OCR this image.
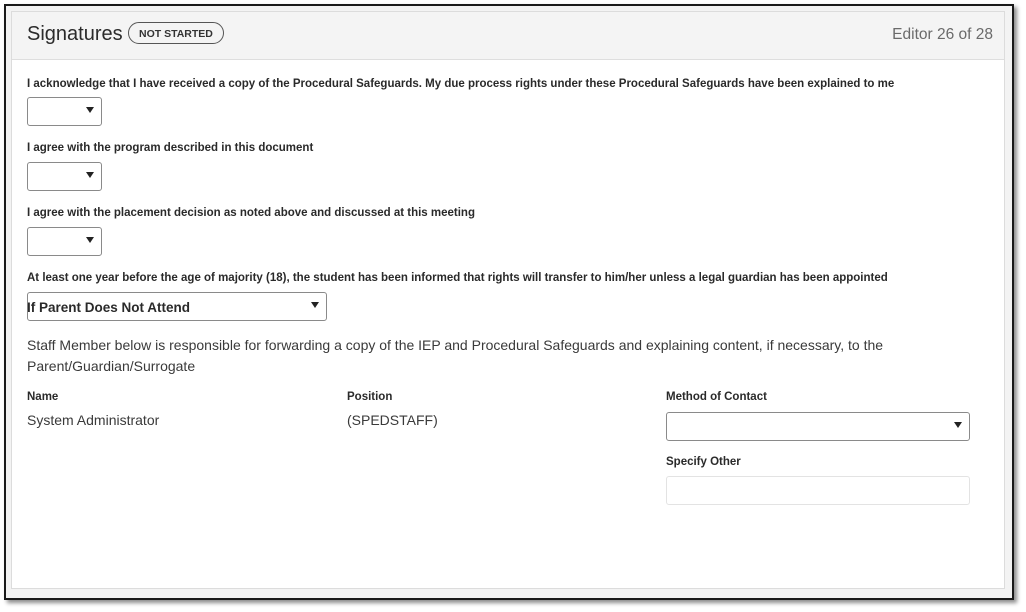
Signatures	NOT STARTED	Editor 26 of 28
I acknowledge that I have received a copy of the Procedural Safeguards. My due process rights under these Procedural Safeguards have been explained to me
I agree with the program described in this document
I agree with the placement decision as noted above and discussed at this meeting
At least one year before the age of majority (18), the student has been informed that rights will transfer to him/her unless a legal guardian has been appointed
If Parent Does Not Attend
Staff Member below is responsible for forwarding a copy of the IEP and Procedural Safeguards and explaining content, if necessary, to the Parent/Guardian/Surrogate
Name
System Administrator
Position
(SPEDSTAFF)
Method of Contact
Specify Other
